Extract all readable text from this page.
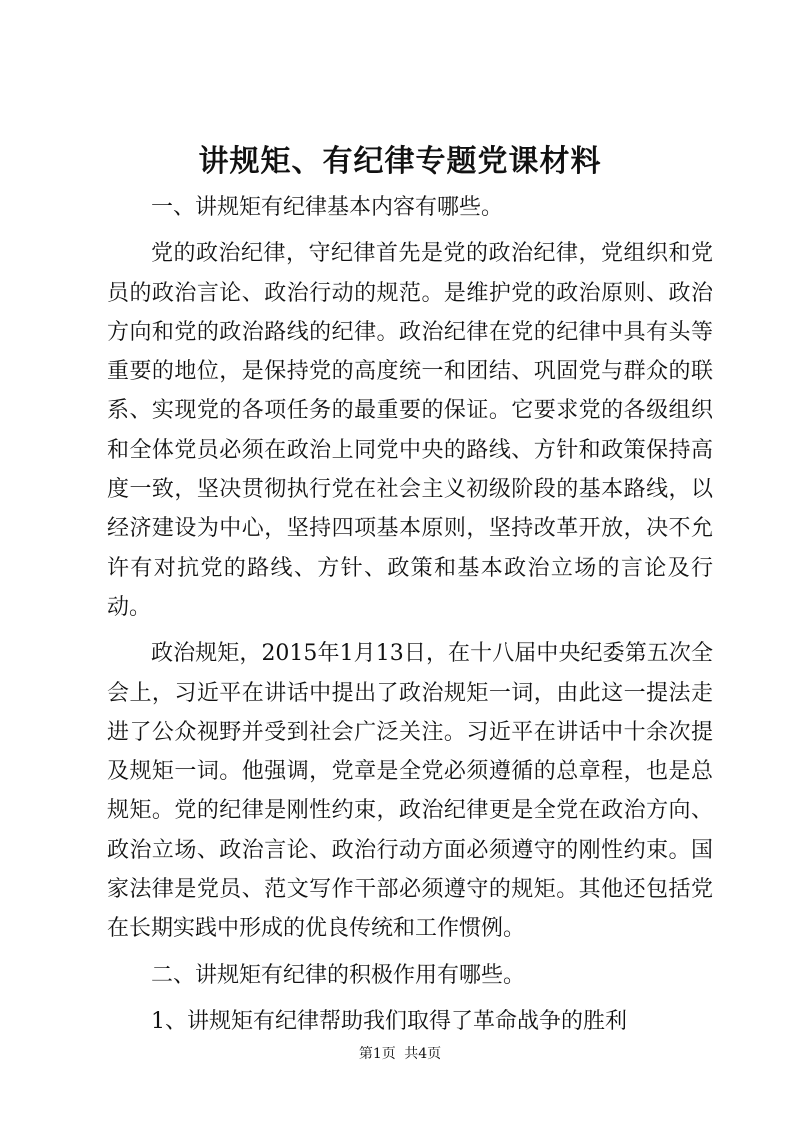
讲规矩、有纪律专题党课材料

一、讲规矩有纪律基本内容有哪些。

党的政治纪律，守纪律首先是党的政治纪律，党组织和党员的政治言论、政治行动的规范。是维护党的政治原则、政治方向和党的政治路线的纪律。政治纪律在党的纪律中具有头等重要的地位，是保持党的高度统一和团结、巩固党与群众的联系、实现党的各项任务的最重要的保证。它要求党的各级组织和全体党员必须在政治上同党中央的路线、方针和政策保持高度一致，坚决贯彻执行党在社会主义初级阶段的基本路线，以经济建设为中心，坚持四项基本原则，坚持改革开放，决不允许有对抗党的路线、方针、政策和基本政治立场的言论及行动。

政治规矩，2015年1月13日，在十八届中央纪委第五次全会上，习近平在讲话中提出了政治规矩一词，由此这一提法走进了公众视野并受到社会广泛关注。习近平在讲话中十余次提及规矩一词。他强调，党章是全党必须遵循的总章程，也是总规矩。党的纪律是刚性约束，政治纪律更是全党在政治方向、政治立场、政治言论、政治行动方面必须遵守的刚性约束。国家法律是党员、范文写作干部必须遵守的规矩。其他还包括党在长期实践中形成的优良传统和工作惯例。

二、讲规矩有纪律的积极作用有哪些。

1、讲规矩有纪律帮助我们取得了革命战争的胜利

第1页 共4页
